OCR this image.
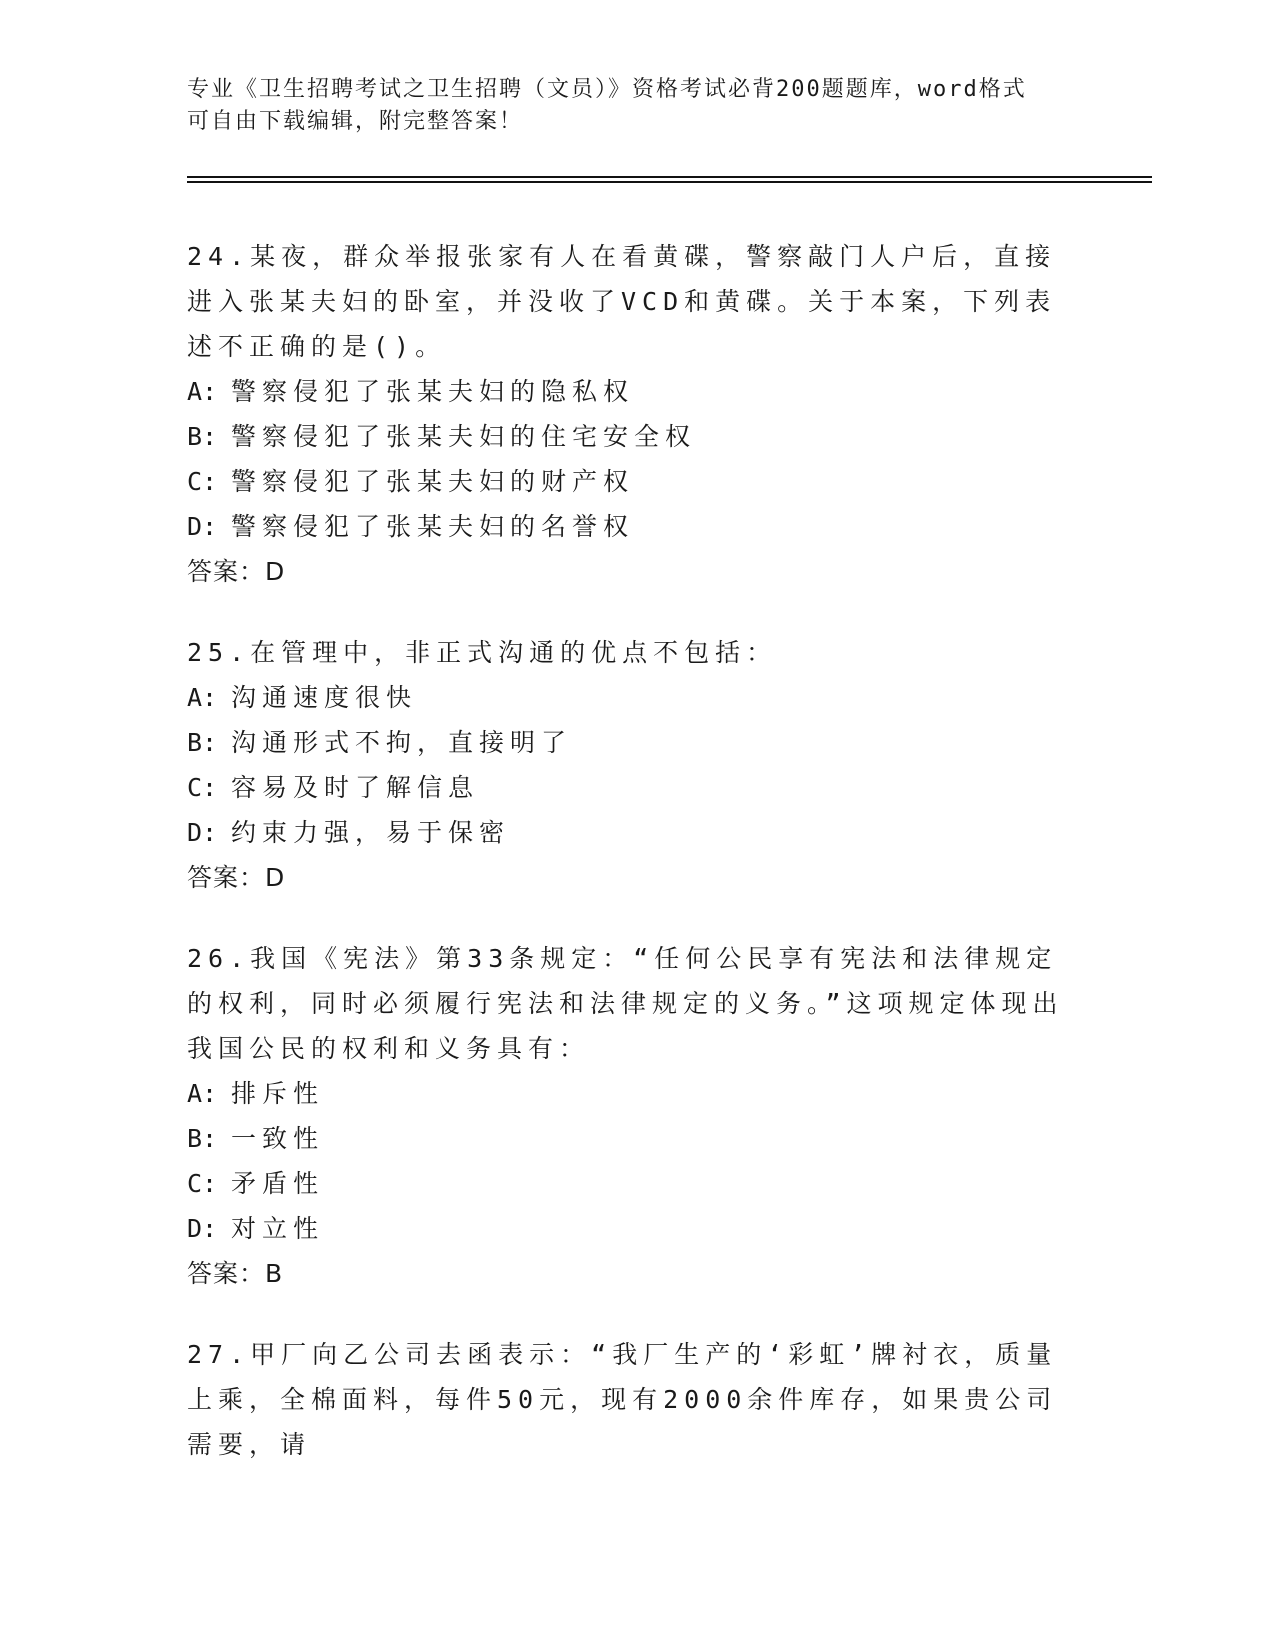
专业《卫生招聘考试之卫生招聘（文员）》资格考试必背200题题库，word格式
可自由下载编辑，附完整答案！

24.某夜，群众举报张家有人在看黄碟，警察敲门人户后，直接进入张某夫妇的卧室，并没收了VCD和黄碟。关于本案，下列表述不正确的是()。

A: 警察侵犯了张某夫妇的隐私权

B: 警察侵犯了张某夫妇的住宅安全权

C: 警察侵犯了张某夫妇的财产权

D: 警察侵犯了张某夫妇的名誉权

答案：D

25.在管理中，非正式沟通的优点不包括：

A: 沟通速度很快

B: 沟通形式不拘，直接明了

C: 容易及时了解信息

D: 约束力强，易于保密

答案：D

26.我国《宪法》第33条规定：“任何公民享有宪法和法律规定的权利，同时必须履行宪法和法律规定的义务。”这项规定体现出我国公民的权利和义务具有：

A: 排斥性

B: 一致性

C: 矛盾性

D: 对立性

答案：B

27.甲厂向乙公司去函表示：“我厂生产的‘彩虹’牌衬衣，质量上乘，全棉面料，每件50元，现有2000余件库存，如果贵公司需要，请
